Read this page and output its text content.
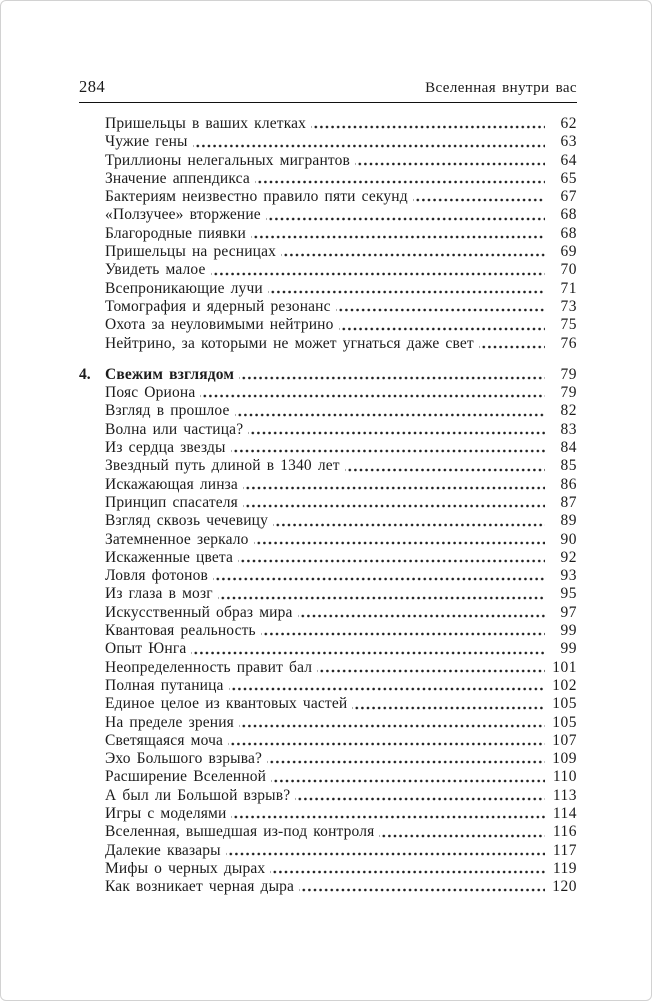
284	Вселенная внутри вас
Пришельцы в ваших клетках	62
Чужие гены	63
Триллионы нелегальных мигрантов	64
Значение аппендикса	65
Бактериям неизвестно правило пяти секунд	67
«Ползучее» вторжение	68
Благородные пиявки	68
Пришельцы на ресницах	69
Увидеть малое	70
Всепроникающие лучи	71
Томография и ядерный резонанс	73
Охота за неуловимыми нейтрино	75
Нейтрино, за которыми не может угнаться даже свет	76
4. Свежим взглядом	79
Пояс Ориона	79
Взгляд в прошлое	82
Волна или частица?	83
Из сердца звезды	84
Звездный путь длиной в 1340 лет	85
Искажающая линза	86
Принцип спасателя	87
Взгляд сквозь чечевицу	89
Затемненное зеркало	90
Искаженные цвета	92
Ловля фотонов	93
Из глаза в мозг	95
Искусственный образ мира	97
Квантовая реальность	99
Опыт Юнга	99
Неопределенность правит бал	101
Полная путаница	102
Единое целое из квантовых частей	105
На пределе зрения	105
Светящаяся моча	107
Эхо Большого взрыва?	109
Расширение Вселенной	110
А был ли Большой взрыв?	113
Игры с моделями	114
Вселенная, вышедшая из-под контроля	116
Далекие квазары	117
Мифы о черных дырах	119
Как возникает черная дыра	120
